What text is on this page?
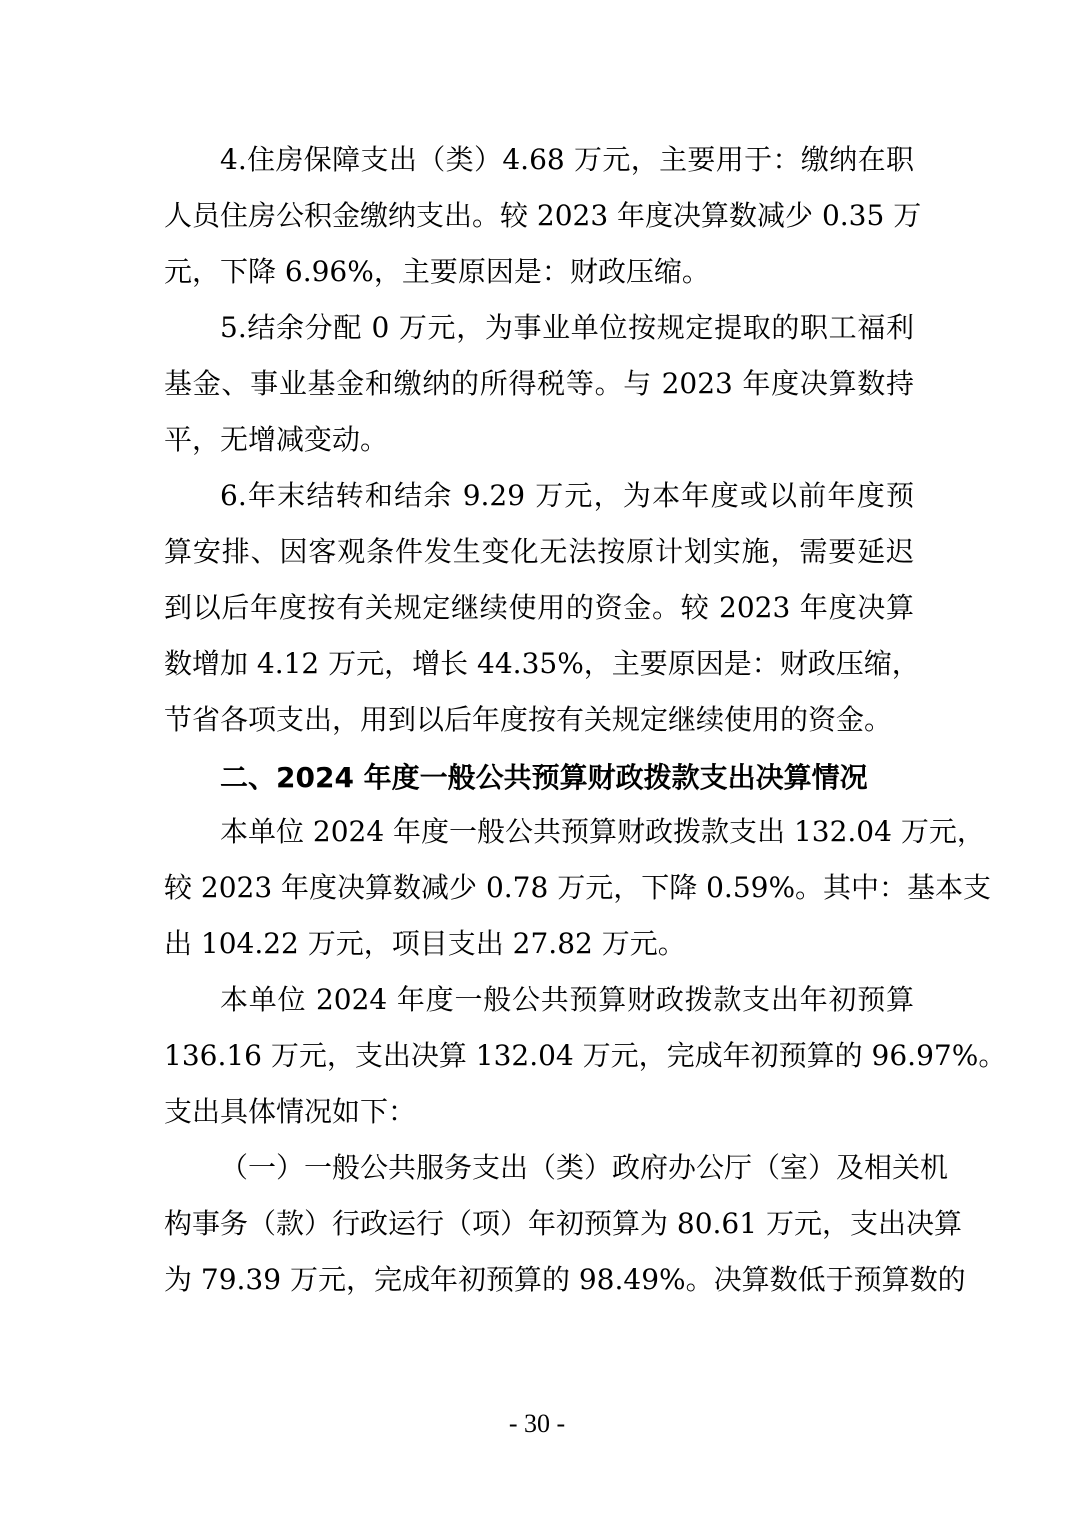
4.住房保障支出（类）4.68 万元，主要用于：缴纳在职
人员住房公积金缴纳支出。较 2023 年度决算数减少 0.35 万
元，下降 6.96%，主要原因是：财政压缩。
5.结余分配 0 万元，为事业单位按规定提取的职工福利
基金、事业基金和缴纳的所得税等。与 2023 年度决算数持
平，无增减变动。
6.年末结转和结余 9.29 万元，为本年度或以前年度预
算安排、因客观条件发生变化无法按原计划实施，需要延迟
到以后年度按有关规定继续使用的资金。较 2023 年度决算
数增加 4.12 万元，增长 44.35%，主要原因是：财政压缩，
节省各项支出，用到以后年度按有关规定继续使用的资金。
二、2024 年度一般公共预算财政拨款支出决算情况
本单位 2024 年度一般公共预算财政拨款支出 132.04 万元，
较 2023 年度决算数减少 0.78 万元，下降 0.59%。其中：基本支
出 104.22 万元，项目支出 27.82 万元。
本单位 2024 年度一般公共预算财政拨款支出年初预算
136.16 万元，支出决算 132.04 万元，完成年初预算的 96.97%。
支出具体情况如下：
（一）一般公共服务支出（类）政府办公厅（室）及相关机
构事务（款）行政运行（项）年初预算为 80.61 万元，支出决算
为 79.39 万元，完成年初预算的 98.49%。决算数低于预算数的
- 30 -
